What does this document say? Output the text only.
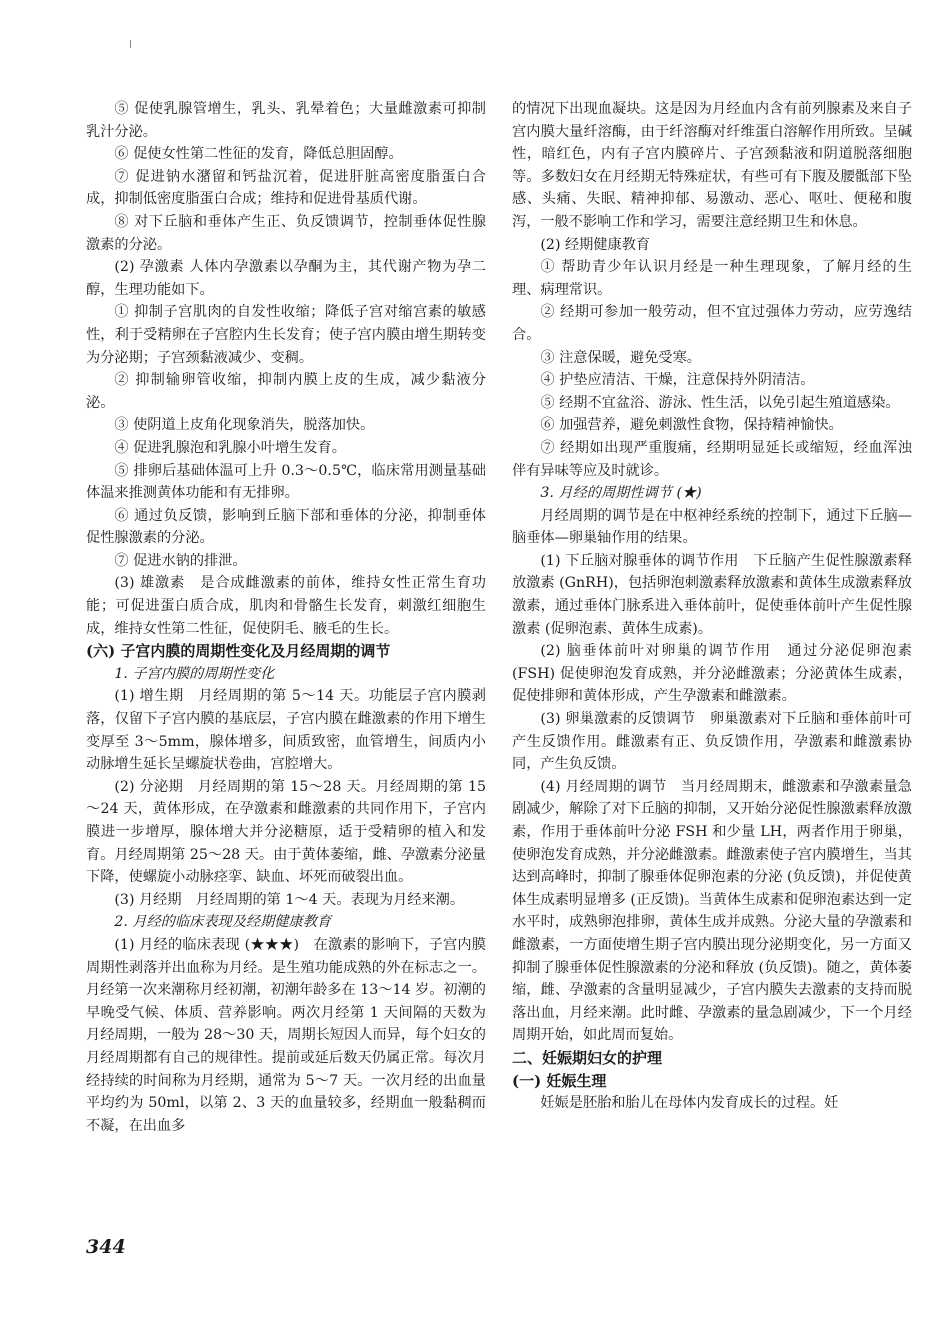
⑤ 促使乳腺管增生，乳头、乳晕着色；大量雌激素可抑制乳汁分泌。

⑥ 促使女性第二性征的发育，降低总胆固醇。

⑦ 促进钠水潴留和钙盐沉着，促进肝脏高密度脂蛋白合成，抑制低密度脂蛋白合成；维持和促进骨基质代谢。

⑧ 对下丘脑和垂体产生正、负反馈调节，控制垂体促性腺激素的分泌。

(2) 孕激素 人体内孕激素以孕酮为主，其代谢产物为孕二醇，生理功能如下。

① 抑制子宫肌肉的自发性收缩；降低子宫对缩宫素的敏感性，利于受精卵在子宫腔内生长发育；使子宫内膜由增生期转变为分泌期；子宫颈黏液减少、变稠。

② 抑制输卵管收缩，抑制内膜上皮的生成，减少黏液分泌。

③ 使阴道上皮角化现象消失，脱落加快。

④ 促进乳腺泡和乳腺小叶增生发育。

⑤ 排卵后基础体温可上升 0.3～0.5℃，临床常用测量基础体温来推测黄体功能和有无排卵。

⑥ 通过负反馈，影响到丘脑下部和垂体的分泌，抑制垂体促性腺激素的分泌。

⑦ 促进水钠的排泄。

(3) 雄激素　是合成雌激素的前体，维持女性正常生育功能；可促进蛋白质合成，肌肉和骨骼生长发育，刺激红细胞生成，维持女性第二性征，促使阴毛、腋毛的生长。

(六) 子宫内膜的周期性变化及月经周期的调节

1. 子宫内膜的周期性变化

(1) 增生期　月经周期的第 5～14 天。功能层子宫内膜剥落，仅留下子宫内膜的基底层，子宫内膜在雌激素的作用下增生变厚至 3～5mm，腺体增多，间质致密，血管增生，间质内小动脉增生延长呈螺旋状卷曲，宫腔增大。

(2) 分泌期　月经周期的第 15～28 天。月经周期的第 15～24 天，黄体形成，在孕激素和雌激素的共同作用下，子宫内膜进一步增厚，腺体增大并分泌糖原，适于受精卵的植入和发育。月经周期第 25～28 天。由于黄体萎缩，雌、孕激素分泌量下降，使螺旋小动脉痉挛、缺血、坏死而破裂出血。

(3) 月经期　月经周期的第 1～4 天。表现为月经来潮。

2. 月经的临床表现及经期健康教育

(1) 月经的临床表现 (★★★)　在激素的影响下，子宫内膜周期性剥落并出血称为月经。是生殖功能成熟的外在标志之一。月经第一次来潮称月经初潮，初潮年龄多在 13～14 岁。初潮的早晚受气候、体质、营养影响。两次月经第 1 天间隔的天数为月经周期，一般为 28～30 天，周期长短因人而异，每个妇女的月经周期都有自己的规律性。提前或延后数天仍属正常。每次月经持续的时间称为月经期，通常为 5～7 天。一次月经的出血量平均约为 50ml，以第 2、3 天的血量较多，经期血一般黏稠而不凝，在出血多

的情况下出现血凝块。这是因为月经血内含有前列腺素及来自子宫内膜大量纤溶酶，由于纤溶酶对纤维蛋白溶解作用所致。呈碱性，暗红色，内有子宫内膜碎片、子宫颈黏液和阴道脱落细胞等。多数妇女在月经期无特殊症状，有些可有下腹及腰骶部下坠感、头痛、失眠、精神抑郁、易激动、恶心、呕吐、便秘和腹泻，一般不影响工作和学习，需要注意经期卫生和休息。

(2) 经期健康教育

① 帮助青少年认识月经是一种生理现象，了解月经的生理、病理常识。

② 经期可参加一般劳动，但不宜过强体力劳动，应劳逸结合。

③ 注意保暖，避免受寒。

④ 护垫应清洁、干燥，注意保持外阴清洁。

⑤ 经期不宜盆浴、游泳、性生活，以免引起生殖道感染。

⑥ 加强营养，避免刺激性食物，保持精神愉快。

⑦ 经期如出现严重腹痛，经期明显延长或缩短，经血浑浊伴有异味等应及时就诊。

3. 月经的周期性调节 (★)

月经周期的调节是在中枢神经系统的控制下，通过下丘脑—脑垂体—卵巢轴作用的结果。

(1) 下丘脑对腺垂体的调节作用　下丘脑产生促性腺激素释放激素 (GnRH)，包括卵泡刺激素释放激素和黄体生成激素释放激素，通过垂体门脉系进入垂体前叶，促使垂体前叶产生促性腺激素 (促卵泡素、黄体生成素)。

(2) 脑垂体前叶对卵巢的调节作用　通过分泌促卵泡素 (FSH) 促使卵泡发育成熟，并分泌雌激素；分泌黄体生成素，促使排卵和黄体形成，产生孕激素和雌激素。

(3) 卵巢激素的反馈调节　卵巢激素对下丘脑和垂体前叶可产生反馈作用。雌激素有正、负反馈作用，孕激素和雌激素协同，产生负反馈。

(4) 月经周期的调节　当月经周期末，雌激素和孕激素量急剧减少，解除了对下丘脑的抑制，又开始分泌促性腺激素释放激素，作用于垂体前叶分泌 FSH 和少量 LH，两者作用于卵巢，使卵泡发育成熟，并分泌雌激素。雌激素使子宫内膜增生，当其达到高峰时，抑制了腺垂体促卵泡素的分泌 (负反馈)，并促使黄体生成素明显增多 (正反馈)。当黄体生成素和促卵泡素达到一定水平时，成熟卵泡排卵，黄体生成并成熟。分泌大量的孕激素和雌激素，一方面使增生期子宫内膜出现分泌期变化，另一方面又抑制了腺垂体促性腺激素的分泌和释放 (负反馈)。随之，黄体萎缩，雌、孕激素的含量明显减少，子宫内膜失去激素的支持而脱落出血，月经来潮。此时雌、孕激素的量急剧减少，下一个月经周期开始，如此周而复始。

二、妊娠期妇女的护理

(一) 妊娠生理

妊娠是胚胎和胎儿在母体内发育成长的过程。妊

344
